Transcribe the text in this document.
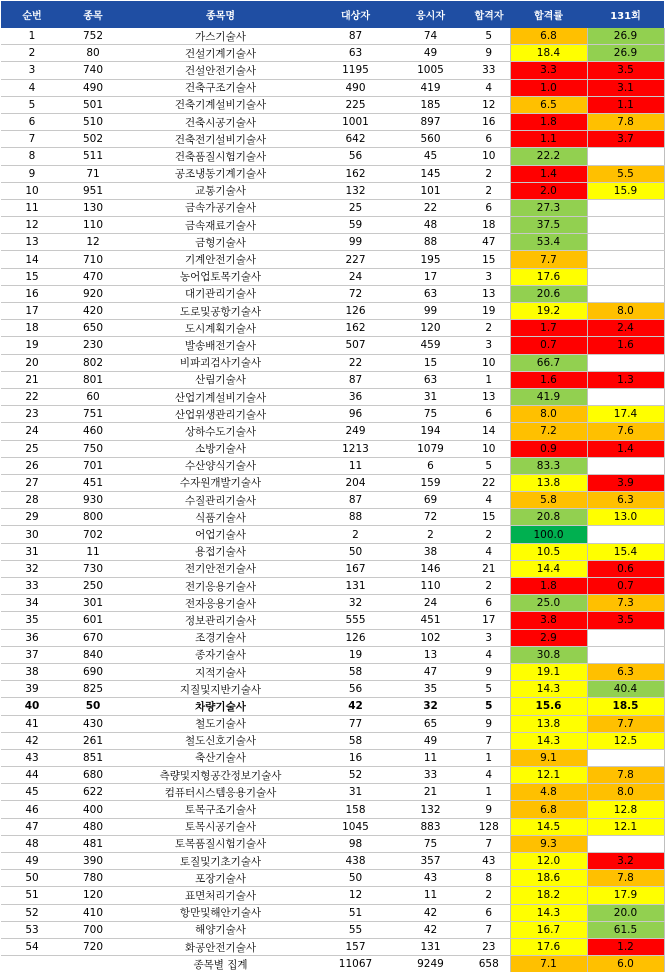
순번	종목	종목명	대상자	응시자	합격자	합격률	131회
1	752	가스기술사	87	74	5	6.8	26.9
2	80	건설기계기술사	63	49	9	18.4	26.9
3	740	건설안전기술사	1195	1005	33	3.3	3.5
4	490	건축구조기술사	490	419	4	1.0	3.1
5	501	건축기계설비기술사	225	185	12	6.5	1.1
6	510	건축시공기술사	1001	897	16	1.8	7.8
7	502	건축전기설비기술사	642	560	6	1.1	3.7
8	511	건축품질시험기술사	56	45	10	22.2	
9	71	공조냉동기계기술사	162	145	2	1.4	5.5
10	951	교통기술사	132	101	2	2.0	15.9
11	130	금속가공기술사	25	22	6	27.3	
12	110	금속재료기술사	59	48	18	37.5	
13	12	금형기술사	99	88	47	53.4	
14	710	기계안전기술사	227	195	15	7.7	
15	470	농어업토목기술사	24	17	3	17.6	
16	920	대기관리기술사	72	63	13	20.6	
17	420	도로및공항기술사	126	99	19	19.2	8.0
18	650	도시계획기술사	162	120	2	1.7	2.4
19	230	발송배전기술사	507	459	3	0.7	1.6
20	802	비파괴검사기술사	22	15	10	66.7	
21	801	산림기술사	87	63	1	1.6	1.3
22	60	산업기계설비기술사	36	31	13	41.9	
23	751	산업위생관리기술사	96	75	6	8.0	17.4
24	460	상하수도기술사	249	194	14	7.2	7.6
25	750	소방기술사	1213	1079	10	0.9	1.4
26	701	수산양식기술사	11	6	5	83.3	
27	451	수자원개발기술사	204	159	22	13.8	3.9
28	930	수질관리기술사	87	69	4	5.8	6.3
29	800	식품기술사	88	72	15	20.8	13.0
30	702	어업기술사	2	2	2	100.0	
31	11	용접기술사	50	38	4	10.5	15.4
32	730	전기안전기술사	167	146	21	14.4	0.6
33	250	전기응용기술사	131	110	2	1.8	0.7
34	301	전자응용기술사	32	24	6	25.0	7.3
35	601	정보관리기술사	555	451	17	3.8	3.5
36	670	조경기술사	126	102	3	2.9	
37	840	종자기술사	19	13	4	30.8	
38	690	지적기술사	58	47	9	19.1	6.3
39	825	지질및지반기술사	56	35	5	14.3	40.4
40	50	차량기술사	42	32	5	15.6	18.5
41	430	철도기술사	77	65	9	13.8	7.7
42	261	철도신호기술사	58	49	7	14.3	12.5
43	851	축산기술사	16	11	1	9.1	
44	680	측량및지형공간정보기술사	52	33	4	12.1	7.8
45	622	컴퓨터시스템응용기술사	31	21	1	4.8	8.0
46	400	토목구조기술사	158	132	9	6.8	12.8
47	480	토목시공기술사	1045	883	128	14.5	12.1
48	481	토목품질시험기술사	98	75	7	9.3	
49	390	토질및기초기술사	438	357	43	12.0	3.2
50	780	포장기술사	50	43	8	18.6	7.8
51	120	표면처리기술사	12	11	2	18.2	17.9
52	410	항만및해안기술사	51	42	6	14.3	20.0
53	700	해양기술사	55	42	7	16.7	61.5
54	720	화공안전기술사	157	131	23	17.6	1.2
		종목별 집계	11067	9249	658	7.1	6.0
